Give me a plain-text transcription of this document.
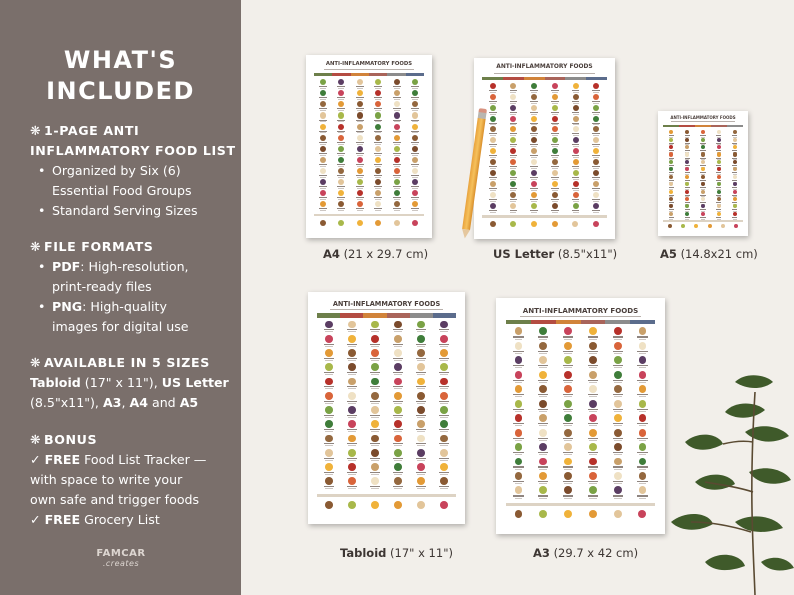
WHAT'S
INCLUDED
❋ 1-PAGE ANTI
INFLAMMATORY FOOD LIST
• Organized by Six (6)
Essential Food Groups
• Standard Serving Sizes
❋ FILE FORMATS
• PDF: High-resolution,
print-ready files
• PNG: High-quality
images for digital use
❋ AVAILABLE IN 5 SIZES
Tabloid (17" x 11"), US Letter
(8.5"x11"), A3, A4 and A5
❋ BONUS
✓ FREE Food List Tracker —
with space to write your
own safe and trigger foods
✓ FREE Grocery List
FAMCAR
.creates
ANTI-INFLAMMATORY FOODS	ANTI-INFLAMMATORY FOODS
ANTI-INFLAMMATORY FOODS
ANTI-INFLAMMATORY FOODS
ANTI-INFLAMMATORY FOODS
A4 (21 x 29.7 cm)	US Letter (8.5"x11")	A5 (14.8x21 cm)
Tabloid (17" x 11")	A3 (29.7 x 42 cm)
